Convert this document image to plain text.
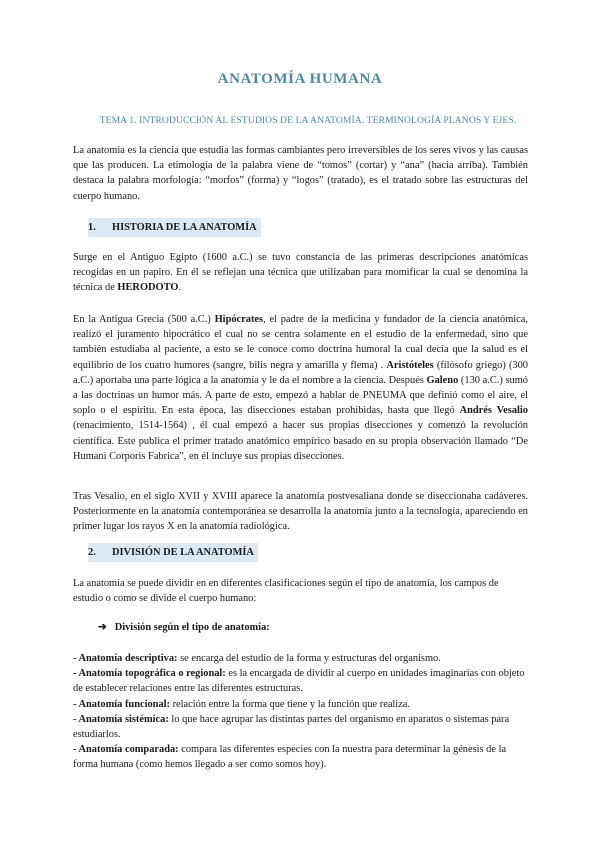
ANATOMÍA HUMANA
TEMA 1. INTRODUCCIÓN AL ESTUDIOS DE LA ANATOMÍA. TERMINOLOGÍA PLANOS Y EJES.
La anatomía es la ciencia que estudia las formas cambiantes pero irreversibles de los seres vivos y las causas que las producen. La etimología de la palabra viene de “tomos” (cortar) y “ana” (hacia arriba). También destaca la palabra morfología: “morfos” (forma) y “logos” (tratado), es el tratado sobre las estructuras del cuerpo humano.
1. HISTORIA DE LA ANATOMÍA

Surge en el Antiguo Egipto (1600 a.C.) se tuvo constancia de las primeras descripciones anatómicas recogidas en un papiro. En él se reflejan una técnica que utilizaban para momificar la cual se denomina la técnica de HERODOTO.

En la Antigua Grecia (500 a.C.) Hipócrates, el padre de la medicina y fundador de la ciencia anatómica, realizó el juramento hipocrático el cual no se centra solamente en el estudio de la enfermedad, sino que también estudiaba al paciente, a esto se le conoce como doctrina humoral la cual decía que la salud es el equilibrio de los cuatro humores (sangre, bilis negra y amarilla y flema) . Aristóteles (filósofo griego) (300 a.C.) aportaba una parte lógica a la anatomía y le da el nombre a la ciencia. Después Galeno (130 a.C.) sumó a las doctrinas un humor más. A parte de esto, empezó a hablar de PNEUMA que definió como el aire, el soplo o el espíritu. En esta época, las disecciones estaban prohibidas, hasta que llegó Andrés Vesalio (renacimiento, 1514-1564) , él cual empezó a hacer sus propias disecciones y comenzó la revolución científica. Este publica el primer tratado anatómico empírico basado en su propia observación llamado “De Humani Corporis Fabrica”, en él incluye sus propias disecciones.

Tras Vesalio, en el siglo XVII y XVIII aparece la anatomía postvesaliana donde se diseccionaba cadáveres. Posteriormente en la anatomía contemporánea se desarrolla la anatomía junto a la tecnología, apareciendo en primer lugar los rayos X en la anatomía radiológica.

2. DIVISIÓN DE LA ANATOMÍA

La anatomía se puede dividir en en diferentes clasificaciones según el tipo de anatomía, los campos de estudio o como se divide el cuerpo humano:

➔ División según el tipo de anatomía:

- Anatomía descriptiva: se encarga del estudio de la forma y estructuras del organismo.

- Anatomía topográfica o regional: es la encargada de dividir al cuerpo en unidades imaginarias con objeto de establecer relaciones entre las diferentes estructuras.

- Anatomía funcional: relación entre la forma que tiene y la función que realiza.

- Anatomía sistémica: lo que hace agrupar las distintas partes del organismo en aparatos o sistemas para estudiarlos.

- Anatomía comparada: compara las diferentes especies con la nuestra para determinar la génesis de la forma humana (como hemos llegado a ser como somos hoy).
